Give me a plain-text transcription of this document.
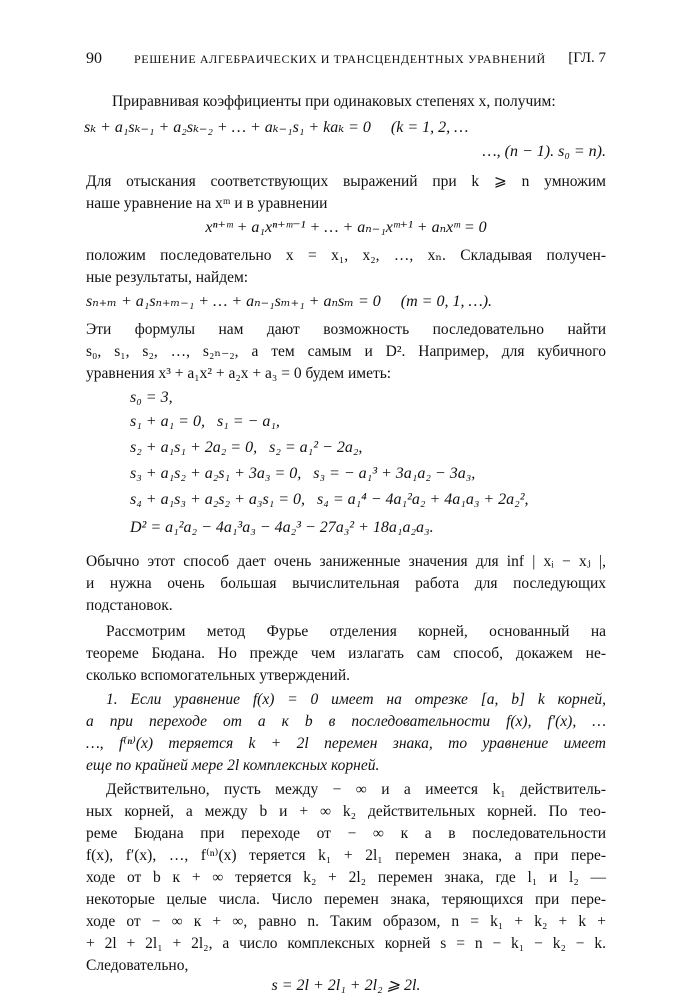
90	РЕШЕНИЕ АЛГЕБРАИЧЕСКИХ И ТРАНСЦЕНДЕНТНЫХ УРАВНЕНИЙ [ГЛ. 7
Приравнивая коэффициенты при одинаковых степенях x, получим:
sₖ + a₁sₖ₋₁ + a₂sₖ₋₂ + … + aₖ₋₁s₁ + kaₖ = 0     (k = 1, 2, …
…, (n − 1). s₀ = n).
Для отыскания соответствующих выражений при k ⩾ n умножим
наше уравнение на xᵐ и в уравнении
xⁿ⁺ᵐ + a₁xⁿ⁺ᵐ⁻¹ + … + aₙ₋₁xᵐ⁺¹ + aₙxᵐ = 0
положим последовательно x = x₁, x₂, …, xₙ. Складывая получен-
ные результаты, найдем:
sₙ₊ₘ + a₁sₙ₊ₘ₋₁ + … + aₙ₋₁sₘ₊₁ + aₙsₘ = 0     (m = 0, 1, …).
Эти формулы нам дают возможность последовательно найти
s₀, s₁, s₂, …, s₂ₙ₋₂, а тем самым и D². Например, для кубичного
уравнения x³ + a₁x² + a₂x + a₃ = 0 будем иметь:
s₀ = 3,
s₁ + a₁ = 0,   s₁ = − a₁,
s₂ + a₁s₁ + 2a₂ = 0,   s₂ = a₁² − 2a₂,
s₃ + a₁s₂ + a₂s₁ + 3a₃ = 0,   s₃ = − a₁³ + 3a₁a₂ − 3a₃,
s₄ + a₁s₃ + a₂s₂ + a₃s₁ = 0,   s₄ = a₁⁴ − 4a₁²a₂ + 4a₁a₃ + 2a₂²,
D² = a₁²a₂ − 4a₁³a₃ − 4a₂³ − 27a₃² + 18a₁a₂a₃.
Обычно этот способ дает очень заниженные значения для inf | xᵢ − xⱼ |,
и нужна очень большая вычислительная работа для последующих
подстановок.
Рассмотрим метод Фурье отделения корней, основанный на
теореме Бюдана. Но прежде чем излагать сам способ, докажем не-
сколько вспомогательных утверждений.
1. Если уравнение f(x) = 0 имеет на отрезке [a, b] k корней,
а при переходе от a к b в последовательности f(x), f′(x), …
…, f⁽ⁿ⁾(x) теряется k + 2l перемен знака, то уравнение имеет
еще по крайней мере 2l комплексных корней.
Действительно, пусть между − ∞ и a имеется k₁ действитель-
ных корней, а между b и + ∞ k₂ действительных корней. По тео-
реме Бюдана при переходе от − ∞ к a в последовательности
f(x), f′(x), …, f⁽ⁿ⁾(x) теряется k₁ + 2l₁ перемен знака, а при пере-
ходе от b к + ∞ теряется k₂ + 2l₂ перемен знака, где l₁ и l₂ —
некоторые целые числа. Число перемен знака, теряющихся при пере-
ходе от − ∞ к + ∞, равно n. Таким образом, n = k₁ + k₂ + k +
+ 2l + 2l₁ + 2l₂, а число комплексных корней s = n − k₁ − k₂ − k.
Следовательно,
s = 2l + 2l₁ + 2l₂ ⩾ 2l.
